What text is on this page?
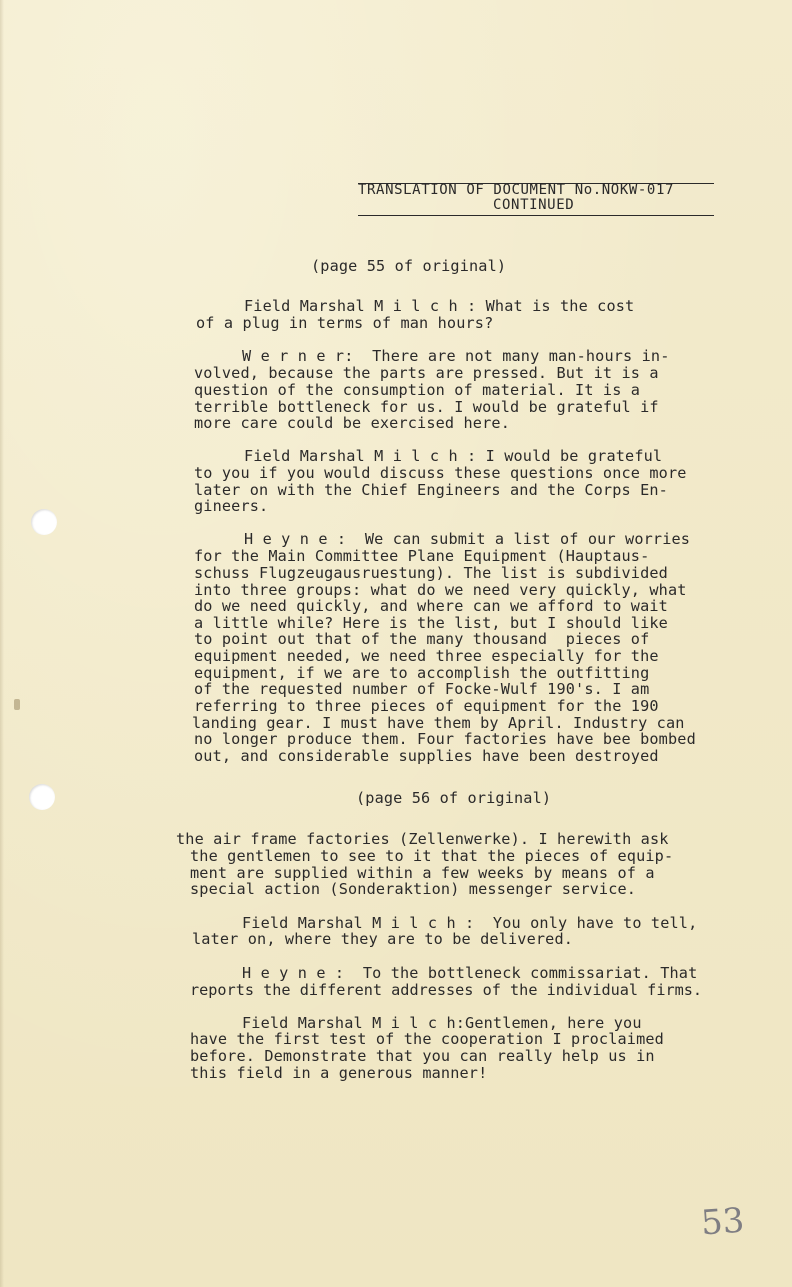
TRANSLATION OF DOCUMENT No.NOKW-017
CONTINUED
(page 55 of original)
Field Marshal M i l c h : What is the cost
of a plug in terms of man hours?
W e r n e r:  There are not many man-hours in-
volved, because the parts are pressed. But it is a
question of the consumption of material. It is a
terrible bottleneck for us. I would be grateful if
more care could be exercised here.
Field Marshal M i l c h : I would be grateful
to you if you would discuss these questions once more
later on with the Chief Engineers and the Corps En-
gineers.
H e y n e :  We can submit a list of our worries
for the Main Committee Plane Equipment (Hauptaus-
schuss Flugzeugausruestung). The list is subdivided
into three groups: what do we need very quickly, what
do we need quickly, and where can we afford to wait
a little while? Here is the list, but I should like
to point out that of the many thousand  pieces of
equipment needed, we need three especially for the
equipment, if we are to accomplish the outfitting
of the requested number of Focke-Wulf 190's. I am
referring to three pieces of equipment for the 190
landing gear. I must have them by April. Industry can
no longer produce them. Four factories have bee bombed
out, and considerable supplies have been destroyed
(page 56 of original)
the air frame factories (Zellenwerke). I herewith ask
the gentlemen to see to it that the pieces of equip-
ment are supplied within a few weeks by means of a
special action (Sonderaktion) messenger service.
Field Marshal M i l c h :  You only have to tell,
later on, where they are to be delivered.
H e y n e :  To the bottleneck commissariat. That
reports the different addresses of the individual firms.
Field Marshal M i l c h:Gentlemen, here you
have the first test of the cooperation I proclaimed
before. Demonstrate that you can really help us in
this field in a generous manner!
53
